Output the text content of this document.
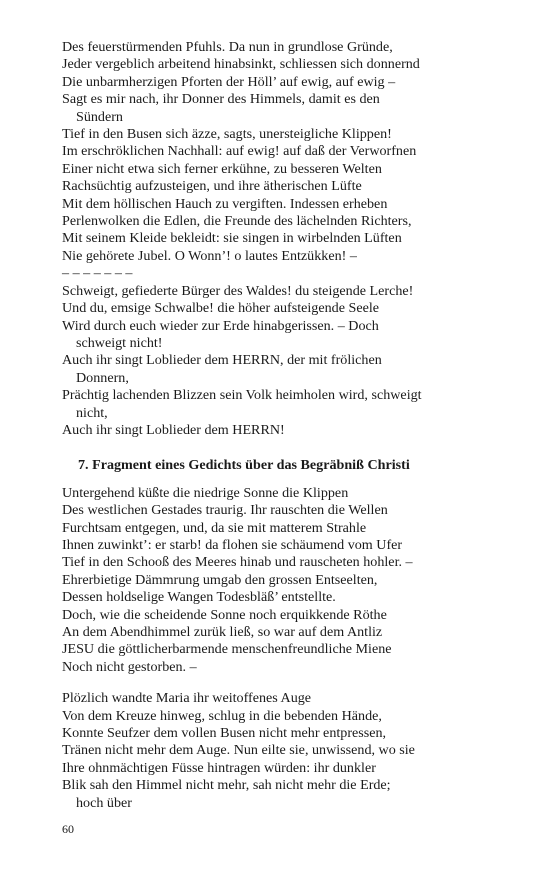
Des feuerstürmenden Pfuhls. Da nun in grundlose Gründe,
Jeder vergeblich arbeitend hinabsinkt, schliessen sich donnernd
Die unbarmherzigen Pforten der Höll’ auf ewig, auf ewig –
Sagt es mir nach, ihr Donner des Himmels, damit es den
Sündern
Tief in den Busen sich äzze, sagts, unersteigliche Klippen!
Im erschröklichen Nachhall: auf ewig! auf daß der Verworfnen
Einer nicht etwa sich ferner erkühne, zu besseren Welten
Rachsüchtig aufzusteigen, und ihre ätherischen Lüfte
Mit dem höllischen Hauch zu vergiften. Indessen erheben
Perlenwolken die Edlen, die Freunde des lächelnden Richters,
Mit seinem Kleide bekleidt: sie singen in wirbelnden Lüften
Nie gehörete Jubel. O Wonn’! o lautes Entzükken! –
– – – – – – –
Schweigt, gefiederte Bürger des Waldes! du steigende Lerche!
Und du, emsige Schwalbe! die höher aufsteigende Seele
Wird durch euch wieder zur Erde hinabgerissen. – Doch
schweigt nicht!
Auch ihr singt Loblieder dem HERRN, der mit frölichen
Donnern,
Prächtig lachenden Blizzen sein Volk heimholen wird, schweigt
nicht,
Auch ihr singt Loblieder dem HERRN!
7. Fragment eines Gedichts über das Begräbniß Christi
Untergehend küßte die niedrige Sonne die Klippen
Des westlichen Gestades traurig. Ihr rauschten die Wellen
Furchtsam entgegen, und, da sie mit matterem Strahle
Ihnen zuwinkt’: er starb! da flohen sie schäumend vom Ufer
Tief in den Schooß des Meeres hinab und rauscheten hohler. –
Ehrerbietige Dämmrung umgab den grossen Entseelten,
Dessen holdselige Wangen Todesbläß’ entstellte.
Doch, wie die scheidende Sonne noch erquikkende Röthe
An dem Abendhimmel zurük ließ, so war auf dem Antliz
JESU die göttlicherbarmende menschenfreundliche Miene
Noch nicht gestorben. –
Plözlich wandte Maria ihr weitoffenes Auge
Von dem Kreuze hinweg, schlug in die bebenden Hände,
Konnte Seufzer dem vollen Busen nicht mehr entpressen,
Tränen nicht mehr dem Auge. Nun eilte sie, unwissend, wo sie
Ihre ohnmächtigen Füsse hintragen würden: ihr dunkler
Blik sah den Himmel nicht mehr, sah nicht mehr die Erde;
hoch über
60
